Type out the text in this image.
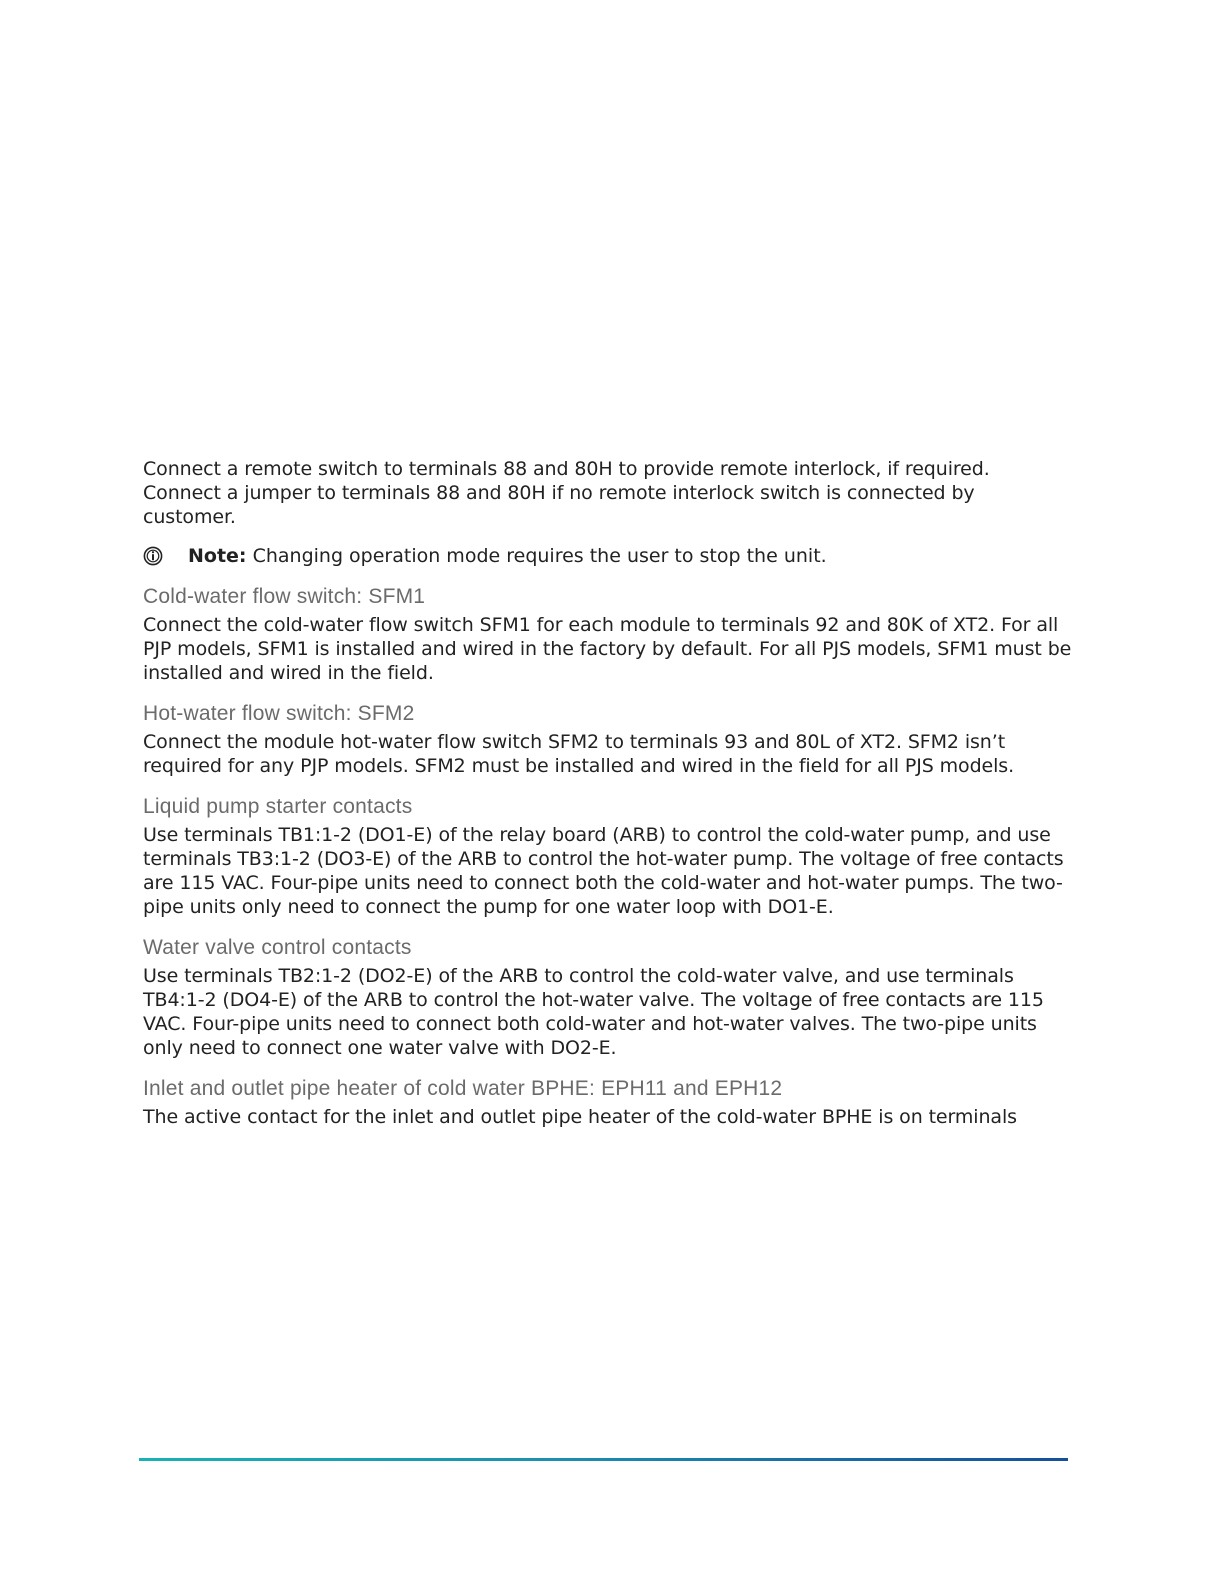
Connect a remote switch to terminals 88 and 80H to provide remote interlock, if required. Connect a jumper to terminals 88 and 80H if no remote interlock switch is connected by customer.

Note: Changing operation mode requires the user to stop the unit.
Cold-water flow switch: SFM1

Connect the cold-water flow switch SFM1 for each module to terminals 92 and 80K of XT2. For all PJP models, SFM1 is installed and wired in the factory by default. For all PJS models, SFM1 must be installed and wired in the field.

Hot-water flow switch: SFM2

Connect the module hot-water flow switch SFM2 to terminals 93 and 80L of XT2. SFM2 isn’t required for any PJP models. SFM2 must be installed and wired in the field for all PJS models.

Liquid pump starter contacts

Use terminals TB1:1-2 (DO1-E) of the relay board (ARB) to control the cold-water pump, and use terminals TB3:1-2 (DO3-E) of the ARB to control the hot-water pump. The voltage of free contacts are 115 VAC. Four-pipe units need to connect both the cold-water and hot-water pumps. The two-pipe units only need to connect the pump for one water loop with DO1-E.

Water valve control contacts

Use terminals TB2:1-2 (DO2-E) of the ARB to control the cold-water valve, and use terminals TB4:1-2 (DO4-E) of the ARB to control the hot-water valve. The voltage of free contacts are 115 VAC. Four-pipe units need to connect both cold-water and hot-water valves. The two-pipe units only need to connect one water valve with DO2-E.

Inlet and outlet pipe heater of cold water BPHE: EPH11 and EPH12

The active contact for the inlet and outlet pipe heater of the cold-water BPHE is on terminals
